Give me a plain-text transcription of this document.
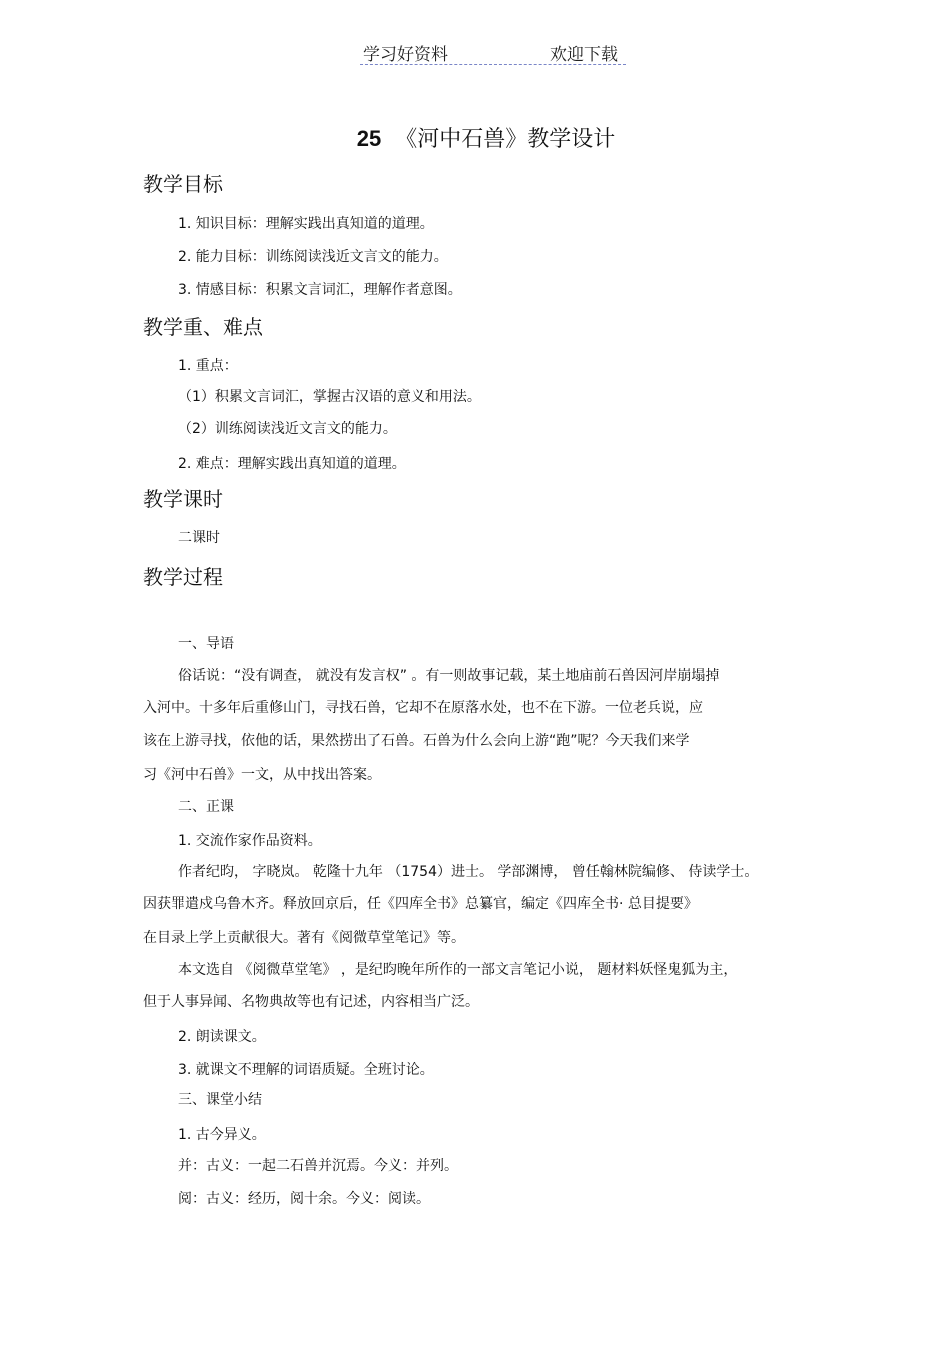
学习好资料	欢迎下载
25 《河中石兽》教学设计
教学目标
1. 知识目标：理解实践出真知道的道理。
2. 能力目标：训练阅读浅近文言文的能力。
3. 情感目标：积累文言词汇，理解作者意图。
教学重、难点
1. 重点：
（1）积累文言词汇，掌握古汉语的意义和用法。
（2）训练阅读浅近文言文的能力。
2. 难点：理解实践出真知道的道理。
教学课时
二课时
教学过程
一、导语
俗话说：“没有调查， 就没有发言权” 。有一则故事记载，某土地庙前石兽因河岸崩塌掉
入河中。十多年后重修山门，寻找石兽，它却不在原落水处，也不在下游。一位老兵说，应
该在上游寻找，依他的话，果然捞出了石兽。石兽为什么会向上游“跑”呢？今天我们来学
习《河中石兽》一文，从中找出答案。
二、正课
1. 交流作家作品资料。
作者纪昀， 字晓岚。 乾隆十九年 （1754）进士。 学部渊博， 曾任翰林院编修、 侍读学士。
因获罪遣戍乌鲁木齐。释放回京后，任《四库全书》总纂官，编定《四库全书· 总目提要》
在目录上学上贡献很大。著有《阅微草堂笔记》等。
本文选自 《阅微草堂笔》 ，是纪昀晚年所作的一部文言笔记小说， 题材料妖怪鬼狐为主，
但于人事异闻、名物典故等也有记述，内容相当广泛。
2. 朗读课文。
3. 就课文不理解的词语质疑。全班讨论。
三、课堂小结
1. 古今异义。
并：古义：一起二石兽并沉焉。今义：并列。
阅：古义：经历，阅十余。今义：阅读。
